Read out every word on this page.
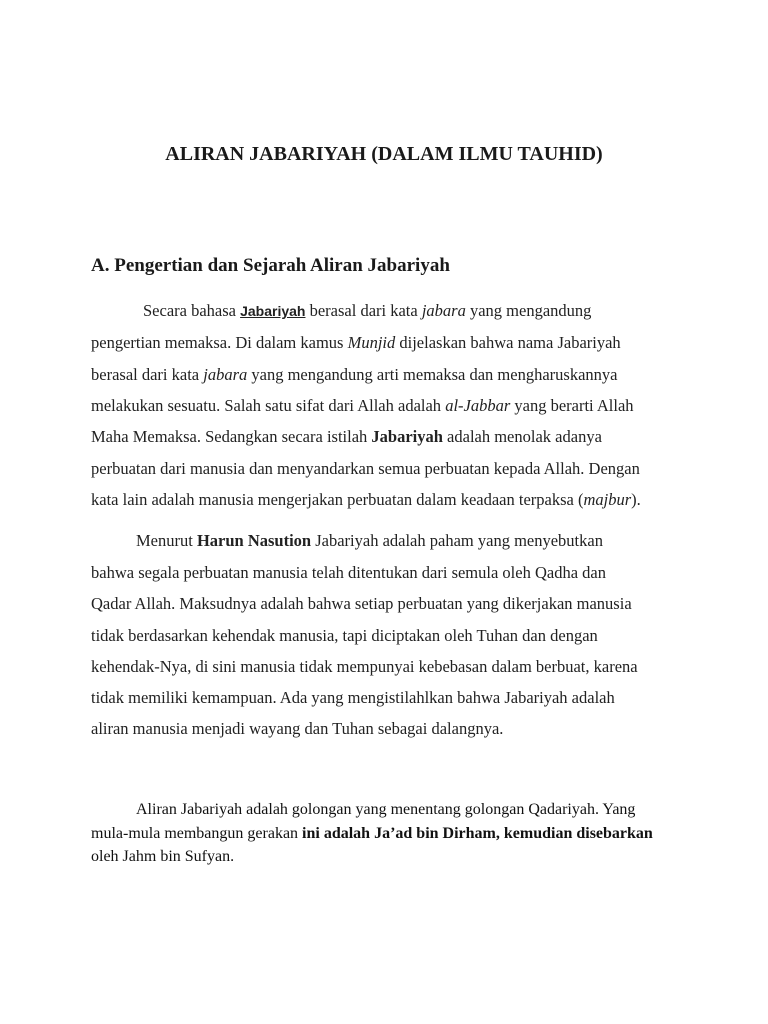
ALIRAN JABARIYAH (DALAM ILMU TAUHID)
A. Pengertian dan Sejarah Aliran Jabariyah

Secara bahasa Jabariyah berasal dari kata jabara yang mengandung

pengertian memaksa. Di dalam kamus Munjid dijelaskan bahwa nama Jabariyah

berasal dari kata jabara yang mengandung arti memaksa dan mengharuskannya

melakukan sesuatu. Salah satu sifat dari Allah adalah al-Jabbar yang berarti Allah

Maha Memaksa. Sedangkan secara istilah Jabariyah adalah menolak adanya

perbuatan dari manusia dan menyandarkan semua perbuatan kepada Allah. Dengan

kata lain adalah manusia mengerjakan perbuatan dalam keadaan terpaksa (majbur).

Menurut Harun Nasution Jabariyah adalah paham yang menyebutkan

bahwa segala perbuatan manusia telah ditentukan dari semula oleh Qadha dan

Qadar Allah. Maksudnya adalah bahwa setiap perbuatan yang dikerjakan manusia

tidak berdasarkan kehendak manusia, tapi diciptakan oleh Tuhan dan dengan

kehendak-Nya, di sini manusia tidak mempunyai kebebasan dalam berbuat, karena

tidak memiliki kemampuan. Ada yang mengistilahlkan bahwa Jabariyah adalah

aliran manusia menjadi wayang dan Tuhan sebagai dalangnya.

Aliran Jabariyah adalah golongan yang menentang golongan Qadariyah. Yang

mula-mula membangun gerakan ini adalah Ja’ad bin Dirham, kemudian disebarkan

oleh Jahm bin Sufyan.
